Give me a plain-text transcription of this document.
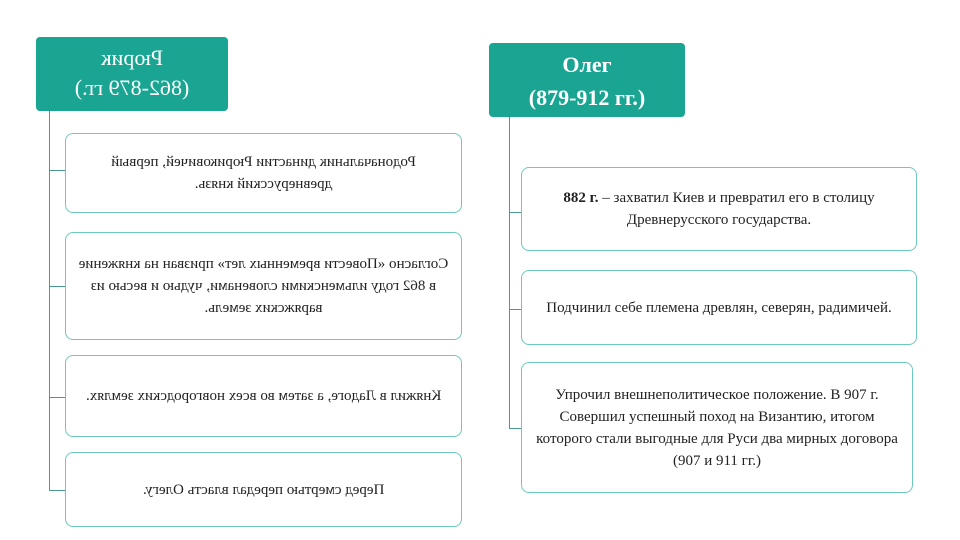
Рюрик
(862-879 гг.)
Родоначальник династии Рюриковичей, первый древнерусский князь.
Согласно «Повести временных лет» призван на княжение в 862 году ильменскими словенами, чудью и весью из варяжских земель.
Княжил в Ладоге, а затем во всех новгородских землях.
Перед смертью передал власть Олегу.
Олег
(879-912 гг.)
882 г. – захватил Киев и превратил его в столицу Древнерусского государства.
Подчинил себе племена древлян, северян, радимичей.
Упрочил внешнеполитическое положение. В 907 г. Совершил успешный поход на Византию, итогом которого стали выгодные для Руси два мирных договора (907 и 911 гг.)
